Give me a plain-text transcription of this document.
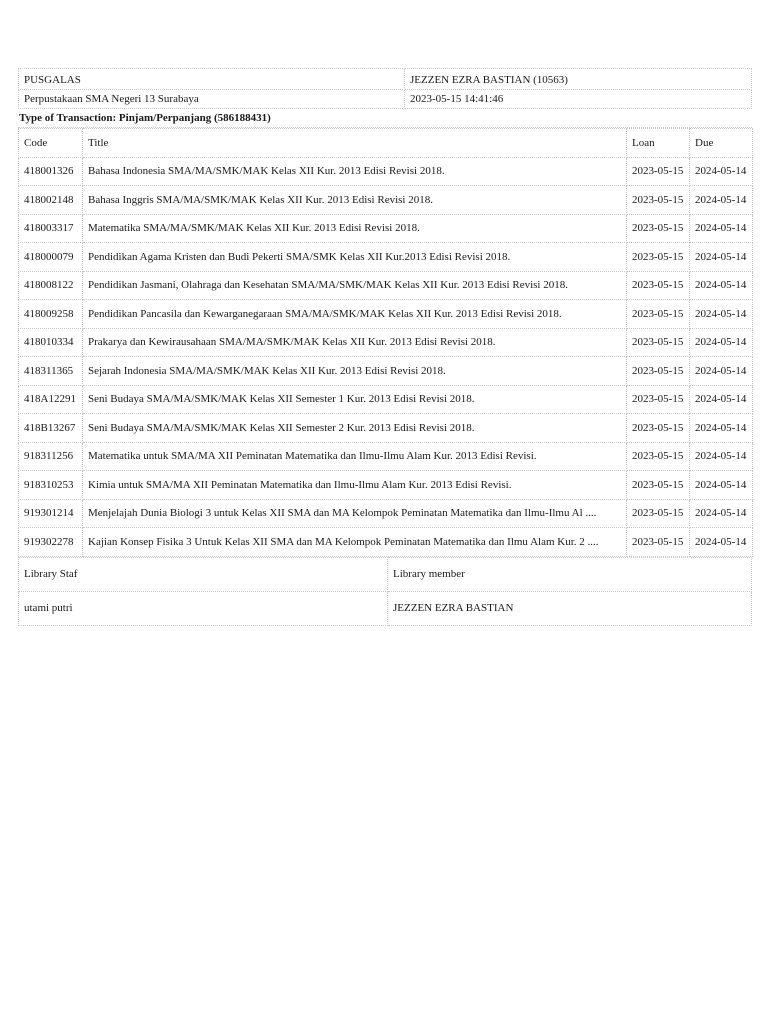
PUSGALAS	JEZZEN EZRA BASTIAN (10563)
Perpustakaan SMA Negeri 13 Surabaya	2023-05-15 14:41:46
Type of Transaction: Pinjam/Perpanjang (586188431)
Code	Title	Loan	Due
418001326	Bahasa Indonesia SMA/MA/SMK/MAK Kelas XII Kur. 2013 Edisi Revisi 2018.	2023-05-15	2024-05-14
418002148	Bahasa Inggris SMA/MA/SMK/MAK Kelas XII Kur. 2013 Edisi Revisi 2018.	2023-05-15	2024-05-14
418003317	Matematika SMA/MA/SMK/MAK Kelas XII Kur. 2013 Edisi Revisi 2018.	2023-05-15	2024-05-14
418000079	Pendidikan Agama Kristen dan Budi Pekerti SMA/SMK Kelas XII Kur.2013 Edisi Revisi 2018.	2023-05-15	2024-05-14
418008122	Pendidikan Jasmani, Olahraga dan Kesehatan SMA/MA/SMK/MAK Kelas XII Kur. 2013 Edisi Revisi 2018.	2023-05-15	2024-05-14
418009258	Pendidikan Pancasila dan Kewarganegaraan SMA/MA/SMK/MAK Kelas XII Kur. 2013 Edisi Revisi 2018.	2023-05-15	2024-05-14
418010334	Prakarya dan Kewirausahaan SMA/MA/SMK/MAK Kelas XII Kur. 2013 Edisi Revisi 2018.	2023-05-15	2024-05-14
418311365	Sejarah Indonesia SMA/MA/SMK/MAK Kelas XII Kur. 2013 Edisi Revisi 2018.	2023-05-15	2024-05-14
418A12291	Seni Budaya SMA/MA/SMK/MAK Kelas XII Semester 1 Kur. 2013 Edisi Revisi 2018.	2023-05-15	2024-05-14
418B13267	Seni Budaya SMA/MA/SMK/MAK Kelas XII Semester 2 Kur. 2013 Edisi Revisi 2018.	2023-05-15	2024-05-14
918311256	Matematika untuk SMA/MA XII Peminatan Matematika dan Ilmu-Ilmu Alam Kur. 2013 Edisi Revisi.	2023-05-15	2024-05-14
918310253	Kimia untuk SMA/MA XII Peminatan Matematika dan Ilmu-Ilmu Alam Kur. 2013 Edisi Revisi.	2023-05-15	2024-05-14
919301214	Menjelajah Dunia Biologi 3 untuk Kelas XII SMA dan MA Kelompok Peminatan Matematika dan Ilmu-Ilmu Al ....	2023-05-15	2024-05-14
919302278	Kajian Konsep Fisika 3 Untuk Kelas XII SMA dan MA Kelompok Peminatan Matematika dan Ilmu Alam Kur. 2 ....	2023-05-15	2024-05-14
Library Staf	Library member
utami putri	JEZZEN EZRA BASTIAN
